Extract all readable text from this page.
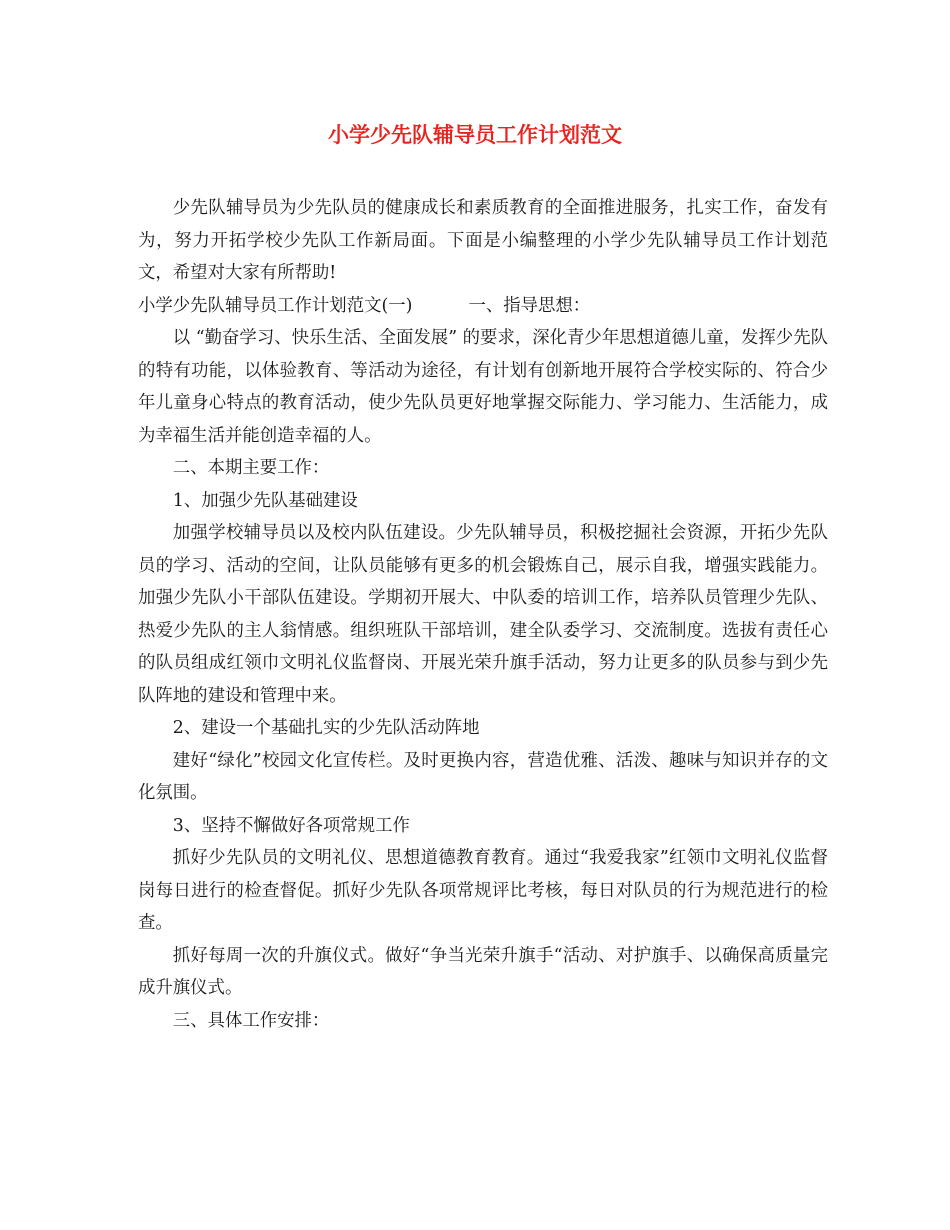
小学少先队辅导员工作计划范文

少先队辅导员为少先队员的健康成长和素质教育的全面推进服务，扎实工作，奋发有为，努力开拓学校少先队工作新局面。下面是小编整理的小学少先队辅导员工作计划范文，希望对大家有所帮助!

小学少先队辅导员工作计划范文(一)	一、指导思想：

以 “勤奋学习、快乐生活、全面发展” 的要求，深化青少年思想道德儿童，发挥少先队的特有功能，以体验教育、等活动为途径，有计划有创新地开展符合学校实际的、符合少年儿童身心特点的教育活动，使少先队员更好地掌握交际能力、学习能力、生活能力，成为幸福生活并能创造幸福的人。

二、本期主要工作：

1、加强少先队基础建设

加强学校辅导员以及校内队伍建设。少先队辅导员，积极挖掘社会资源，开拓少先队员的学习、活动的空间，让队员能够有更多的机会锻炼自己，展示自我，增强实践能力。加强少先队小干部队伍建设。学期初开展大、中队委的培训工作，培养队员管理少先队、热爱少先队的主人翁情感。组织班队干部培训，建全队委学习、交流制度。选拔有责任心的队员组成红领巾文明礼仪监督岗、开展光荣升旗手活动，努力让更多的队员参与到少先队阵地的建设和管理中来。

2、建设一个基础扎实的少先队活动阵地

建好“绿化”校园文化宣传栏。及时更换内容，营造优雅、活泼、趣味与知识并存的文化氛围。

3、坚持不懈做好各项常规工作

抓好少先队员的文明礼仪、思想道德教育教育。通过“我爱我家”红领巾文明礼仪监督岗每日进行的检查督促。抓好少先队各项常规评比考核，每日对队员的行为规范进行的检查。

抓好每周一次的升旗仪式。做好“争当光荣升旗手“活动、对护旗手、以确保高质量完成升旗仪式。

三、具体工作安排：
